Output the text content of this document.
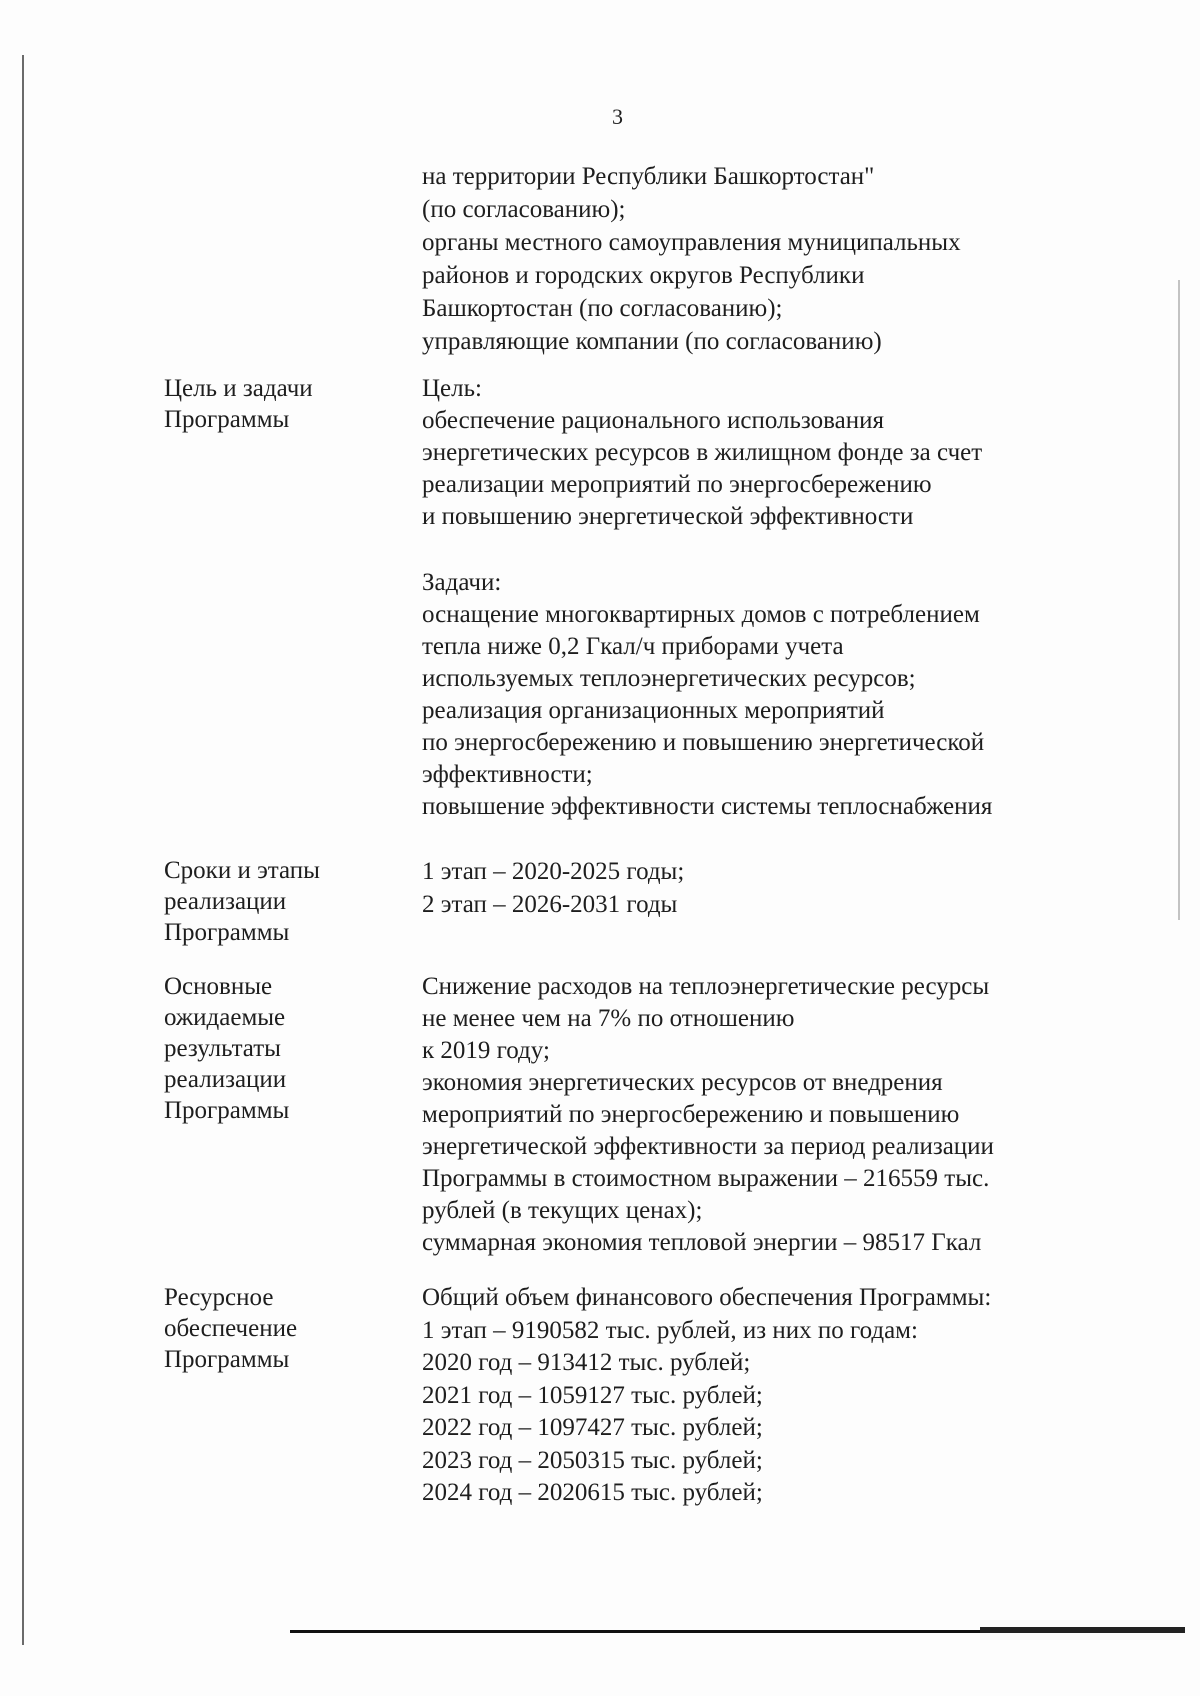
3
на территории Республики Башкортостан"
(по согласованию);
органы местного самоуправления муниципальных
районов и городских округов Республики
Башкортостан (по согласованию);
управляющие компании (по согласованию)
Цель и задачи
Программы
Цель:
обеспечение рационального использования
энергетических ресурсов в жилищном фонде за счет
реализации мероприятий по энергосбережению
и повышению энергетической эффективности
Задачи:
оснащение многоквартирных домов с потреблением
тепла ниже 0,2 Гкал/ч приборами учета
используемых теплоэнергетических ресурсов;
реализация организационных мероприятий
по энергосбережению и повышению энергетической
эффективности;
повышение эффективности системы теплоснабжения
Сроки и этапы
реализации
Программы
1 этап – 2020-2025 годы;
2 этап – 2026-2031 годы
Основные
ожидаемые
результаты
реализации
Программы
Снижение расходов на теплоэнергетические ресурсы
не менее чем на 7% по отношению
к 2019 году;
экономия энергетических ресурсов от внедрения
мероприятий по энергосбережению и повышению
энергетической эффективности за период реализации
Программы в стоимостном выражении – 216559 тыс.
рублей (в текущих ценах);
суммарная экономия тепловой энергии – 98517 Гкал
Ресурсное
обеспечение
Программы
Общий объем финансового обеспечения Программы:
1 этап – 9190582 тыс. рублей, из них по годам:
2020 год – 913412 тыс. рублей;
2021 год – 1059127 тыс. рублей;
2022 год – 1097427 тыс. рублей;
2023 год – 2050315 тыс. рублей;
2024 год – 2020615 тыс. рублей;
